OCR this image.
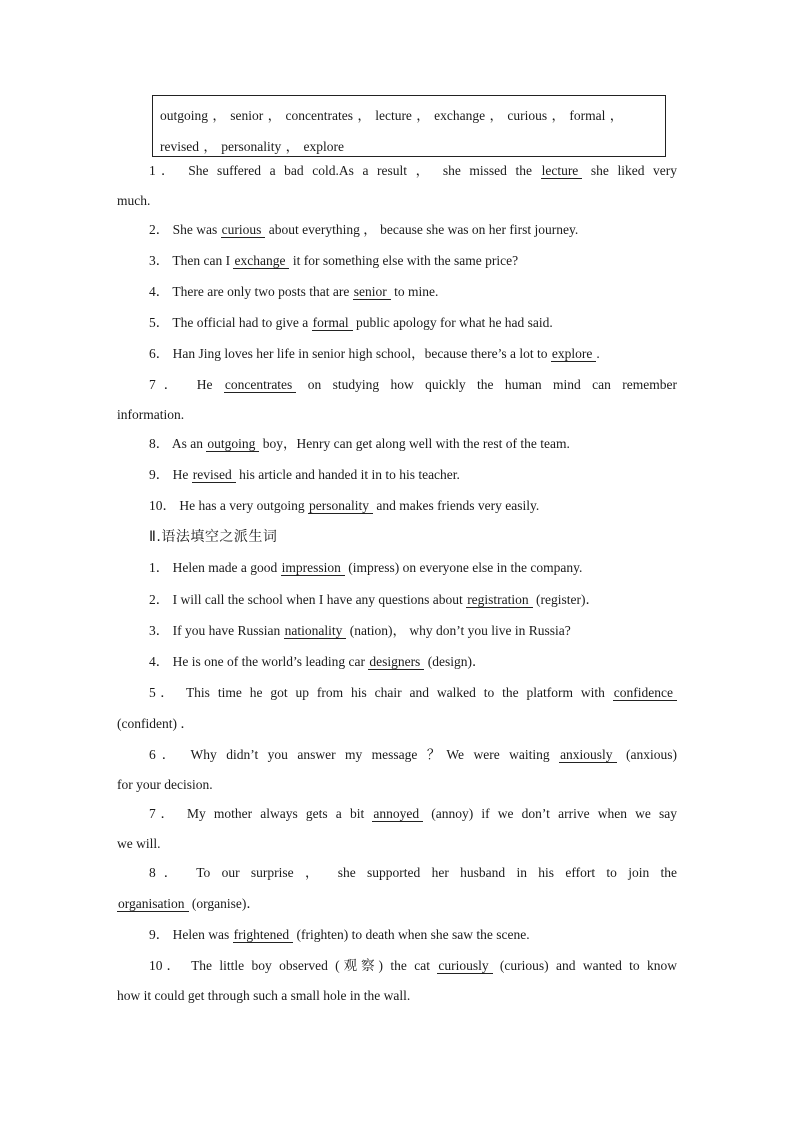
outgoing ， senior ， concentrates ， lecture ， exchange ， curious ， formal ，
revised ， personality ， explore
1． She suffered a bad cold.As a result ， she missed the lecture she liked very
much.
2． She was curious about everything ， because she was on her first journey.
3． Then can I exchange it for something else with the same price?
4． There are only two posts that are senior to mine.
5． The official had to give a formal public apology for what he had said.
6． Han Jing loves her life in senior high school，because there’s a lot to explore .
7． He concentrates on studying how quickly the human mind can remember
information.
8． As an outgoing boy，Henry can get along well with the rest of the team.
9． He revised his article and handed it in to his teacher.
10． He has a very outgoing personality and makes friends very easily.
Ⅱ.语法填空之派生词
1． Helen made a good impression (impress) on everyone else in the company.
2． I will call the school when I have any questions about registration (register)．
3． If you have Russian nationality (nation)， why don’t you live in Russia?
4． He is one of the world’s leading car designers (design)．
5． This time he got up from his chair and walked to the platform with confidence
(confident) ．
6． Why didn’t you answer my message ？We were waiting anxiously (anxious)
for your decision.
7． My mother always gets a bit annoyed (annoy) if we don’t arrive when we say
we will.
8． To our surprise ， she supported her husband in his effort to join the
organisation (organise)．
9． Helen was frightened (frighten) to death when she saw the scene.
10． The little boy observed (观察) the cat curiously (curious) and wanted to know
how it could get through such a small hole in the wall.
